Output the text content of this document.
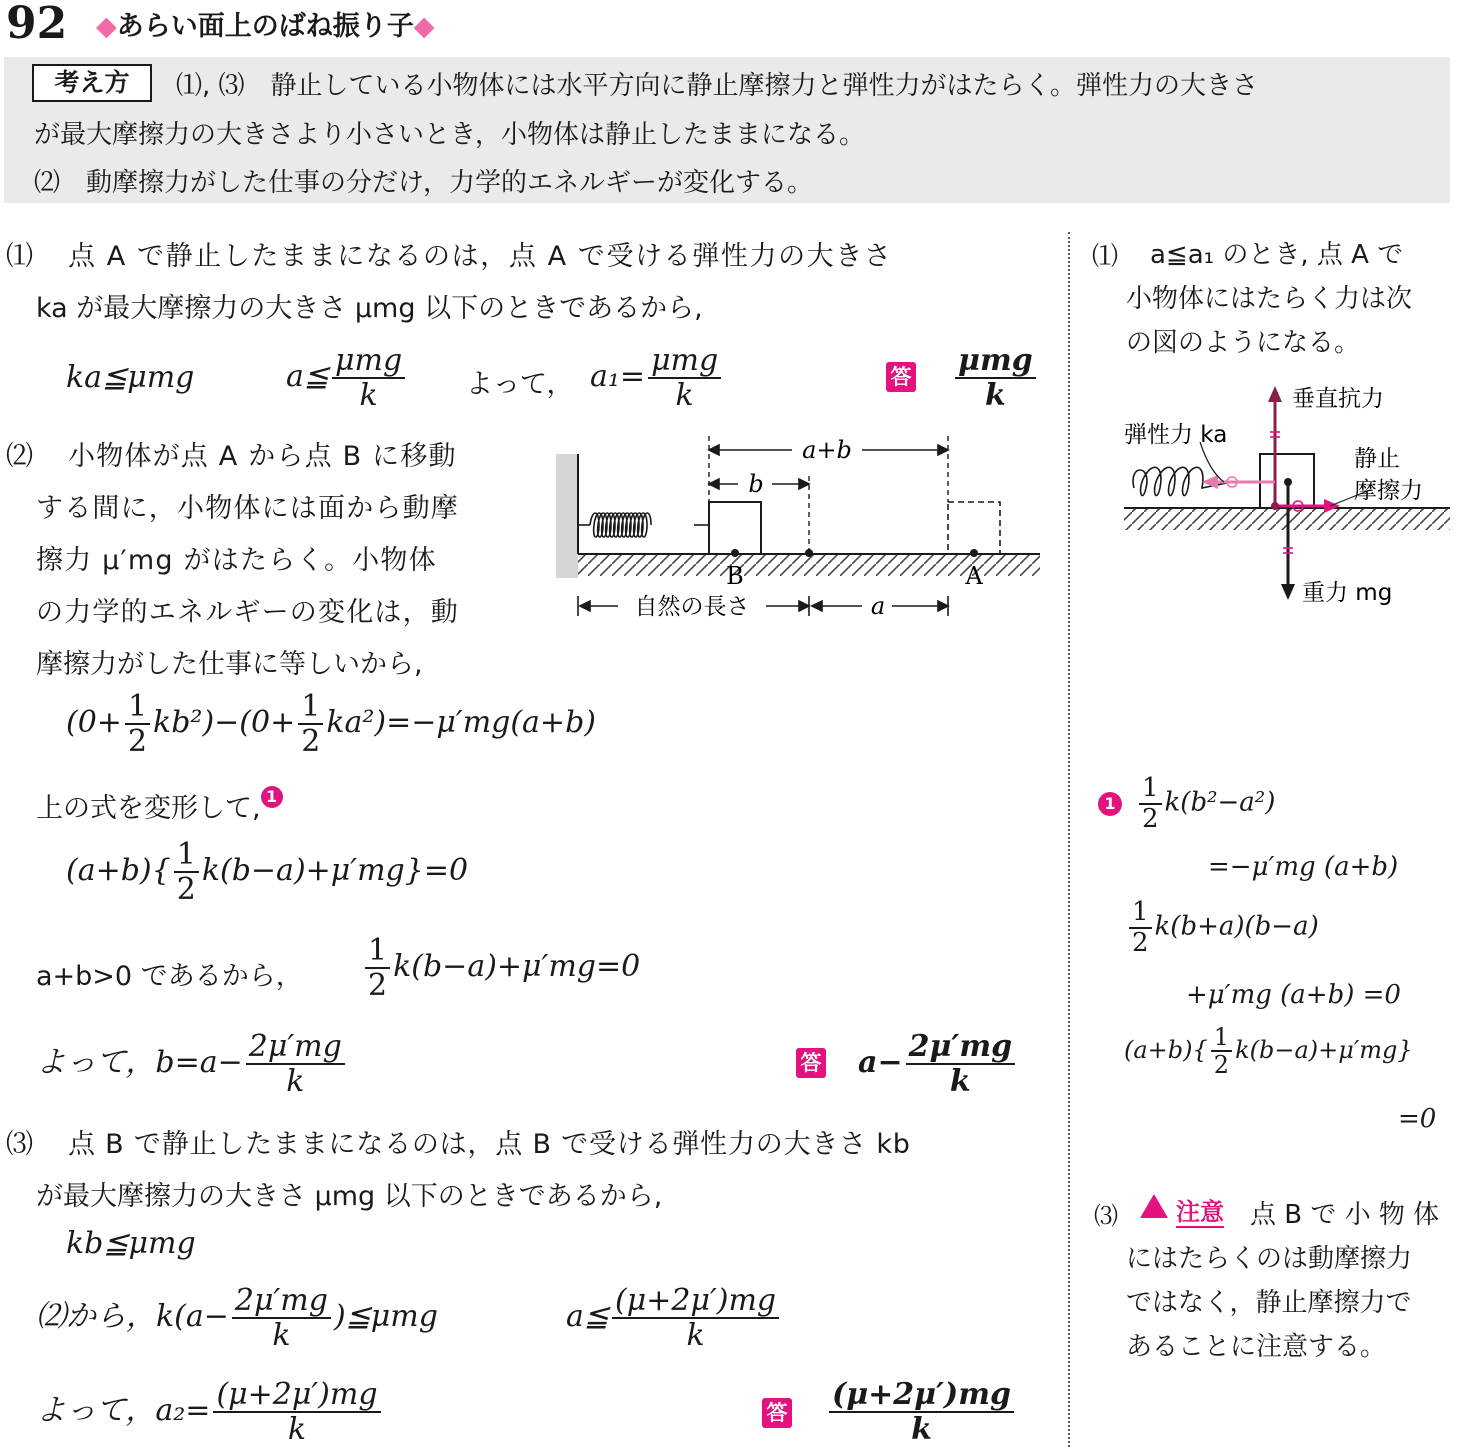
92 ◆あらい面上のばね振り子◆
考え方	⑴, ⑶　静止している小物体には水平方向に静止摩擦力と弾性力がはたらく。弾性力の大きさ
が最大摩擦力の大きさより小さいとき，小物体は静止したままになる。
⑵　動摩擦力がした仕事の分だけ，力学的エネルギーが変化する。
⑴ 点 A で静止したままになるのは，点 A で受ける弾性力の大きさ
ka が最大摩擦力の大きさ μmg 以下のときであるから,
ka≦μmg	a≦ $\frac{\text{μmg}}{k}$ よって， $a_1= \frac{\text{μmg}}{k}$	答 $\frac{\text{μmg}}{k}$
⑵ 小物体が点 A から点 B に移動
する間に，小物体には面から動摩
擦力 μ′mg がはたらく。小物体
の力学的エネルギーの変化は，動
摩擦力がした仕事に等しいから,
a+b
b
B	A
自然の長さ	a
$(0+ \frac{1}{2} kb^2)-(0+ \frac{1}{2} ka^2)=-\mu'mg(a+b)$
上の式を変形して, 1
$(a+b)\{ \frac{1}{2} k(b-a)+\mu'mg\}=0$
a+b>0 であるから， $\frac{1}{2} k(b-a)+\mu'mg=0$
よって，$b=a- \frac{2\mu'mg}{k}$	答 $a- \frac{2\mu'mg}{k}$
⑶ 点 B で静止したままになるのは，点 B で受ける弾性力の大きさ kb
が最大摩擦力の大きさ μmg 以下のときであるから,
kb≦μmg
⑵から，$k(a- \frac{2\mu'mg}{k}$ )≦μmg	a≦ $\frac{(\mu+2\mu')mg}{k}$
よって，$a_2= \frac{(\mu+2\mu')mg}{k}$	答 $\frac{(\mu+2\mu')mg}{k}$
⑴ a≦a₁ のとき, 点 A で
小物体にはたらく力は次
の図のようになる。
垂直抗力
弾性力 ka
静止
摩擦力
重力 mg
$1 \frac{1}{2} k(b^2-a^2)$
=−μ′mg (a+b)
$\frac{1}{2} k(b+a)(b-a)$
+μ′mg (a+b) =0
$(a+b)\{ \frac{1}{2} k(b-a)+\mu'mg\}$
=0
⑶ 注意 点 B で 小 物 体
にはたらくのは動摩擦力
ではなく，静止摩擦力で
あることに注意する。
